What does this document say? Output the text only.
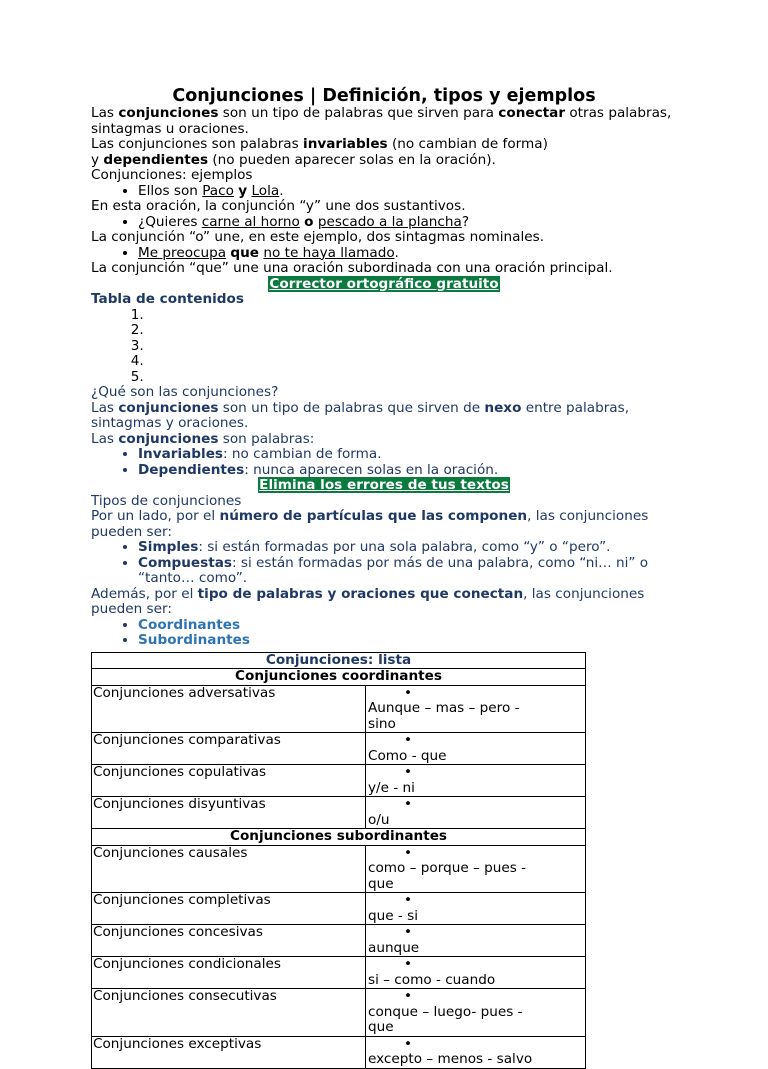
Conjunciones | Definición, tipos y ejemplos

Las conjunciones son un tipo de palabras que sirven para conectar otras palabras, sintagmas u oraciones.

Las conjunciones son palabras invariables (no cambian de forma)

y dependientes (no pueden aparecer solas en la oración).

Conjunciones: ejemplos

• Ellos son Paco y Lola.

En esta oración, la conjunción “y” une dos sustantivos.

• ¿Quieres carne al horno o pescado a la plancha?

La conjunción “o” une, en este ejemplo, dos sintagmas nominales.

• Me preocupa que no te haya llamado.

La conjunción “que” une una oración subordinada con una oración principal.

Corrector ortográfico gratuito

Tabla de contenidos

1.
2.
3.
4.
5.

¿Qué son las conjunciones?

Las conjunciones son un tipo de palabras que sirven de nexo entre palabras, sintagmas y oraciones.

Las conjunciones son palabras:

• Invariables: no cambian de forma.
• Dependientes: nunca aparecen solas en la oración.
Elimina los errores de tus textos

Tipos de conjunciones

Por un lado, por el número de partículas que las componen, las conjunciones pueden ser:

• Simples: si están formadas por una sola palabra, como “y” o “pero”.
• Compuestas: si están formadas por más de una palabra, como “ni… ni” o “tanto… como”.

Además, por el tipo de palabras y oraciones que conectan, las conjunciones pueden ser:

• Coordinantes
• Subordinantes
Conjunciones: lista	
Conjunciones coordinantes	
Conjunciones adversativas	•Aunque – mas – pero - sino
Conjunciones comparativas	•Como - que
Conjunciones copulativas	•y/e - ni
Conjunciones disyuntivas	•o/u
Conjunciones subordinantes	
Conjunciones causales	•como – porque – pues - que
Conjunciones completivas	•que - si
Conjunciones concesivas	•aunque
Conjunciones condicionales	•si – como - cuando
Conjunciones consecutivas	•conque – luego- pues - que
Conjunciones exceptivas	•excepto – menos - salvo
